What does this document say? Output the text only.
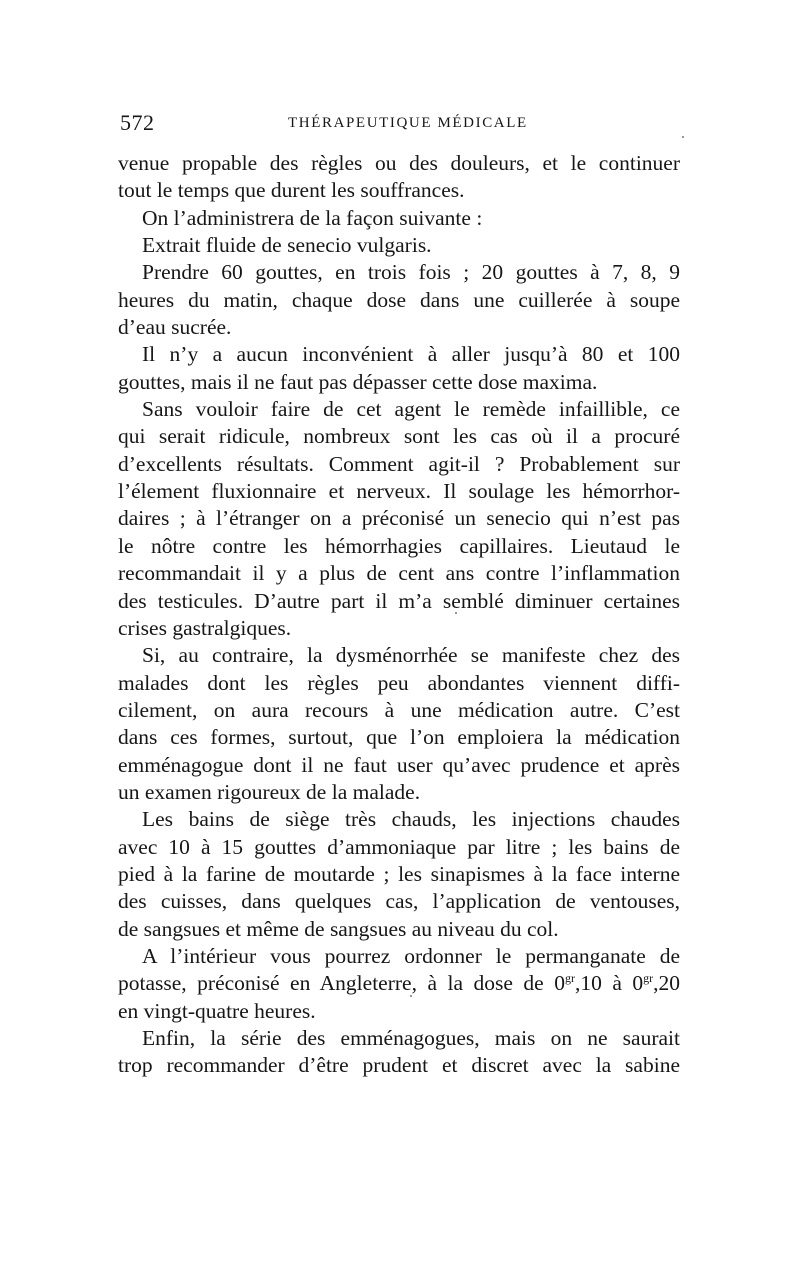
572	THÉRAPEUTIQUE MÉDICALE
venue propable des règles ou des douleurs, et le continuer
tout le temps que durent les souffrances.
On l’administrera de la façon suivante :
Extrait fluide de senecio vulgaris.
Prendre 60 gouttes, en trois fois ; 20 gouttes à 7, 8, 9
heures du matin, chaque dose dans une cuillerée à soupe
d’eau sucrée.
Il n’y a aucun inconvénient à aller jusqu’à 80 et 100
gouttes, mais il ne faut pas dépasser cette dose maxima.
Sans vouloir faire de cet agent le remède infaillible, ce
qui serait ridicule, nombreux sont les cas où il a procuré
d’excellents résultats. Comment agit-il ? Probablement sur
l’élement fluxionnaire et nerveux. Il soulage les hémorrhor-
daires ; à l’étranger on a préconisé un senecio qui n’est pas
le nôtre contre les hémorrhagies capillaires. Lieutaud le
recommandait il y a plus de cent ans contre l’inflammation
des testicules. D’autre part il m’a semblé diminuer certaines
crises gastralgiques.
Si, au contraire, la dysménorrhée se manifeste chez des
malades dont les règles peu abondantes viennent diffi-
cilement, on aura recours à une médication autre. C’est
dans ces formes, surtout, que l’on emploiera la médication
emménagogue dont il ne faut user qu’avec prudence et après
un examen rigoureux de la malade.
Les bains de siège très chauds, les injections chaudes
avec 10 à 15 gouttes d’ammoniaque par litre ; les bains de
pied à la farine de moutarde ; les sinapismes à la face interne
des cuisses, dans quelques cas, l’application de ventouses,
de sangsues et même de sangsues au niveau du col.
A l’intérieur vous pourrez ordonner le permanganate de
potasse, préconisé en Angleterre, à la dose de $0^{gr},10$ à $0^{gr},20$
en vingt-quatre heures.
Enfin, la série des emménagogues, mais on ne saurait
trop recommander d’être prudent et discret avec la sabine
